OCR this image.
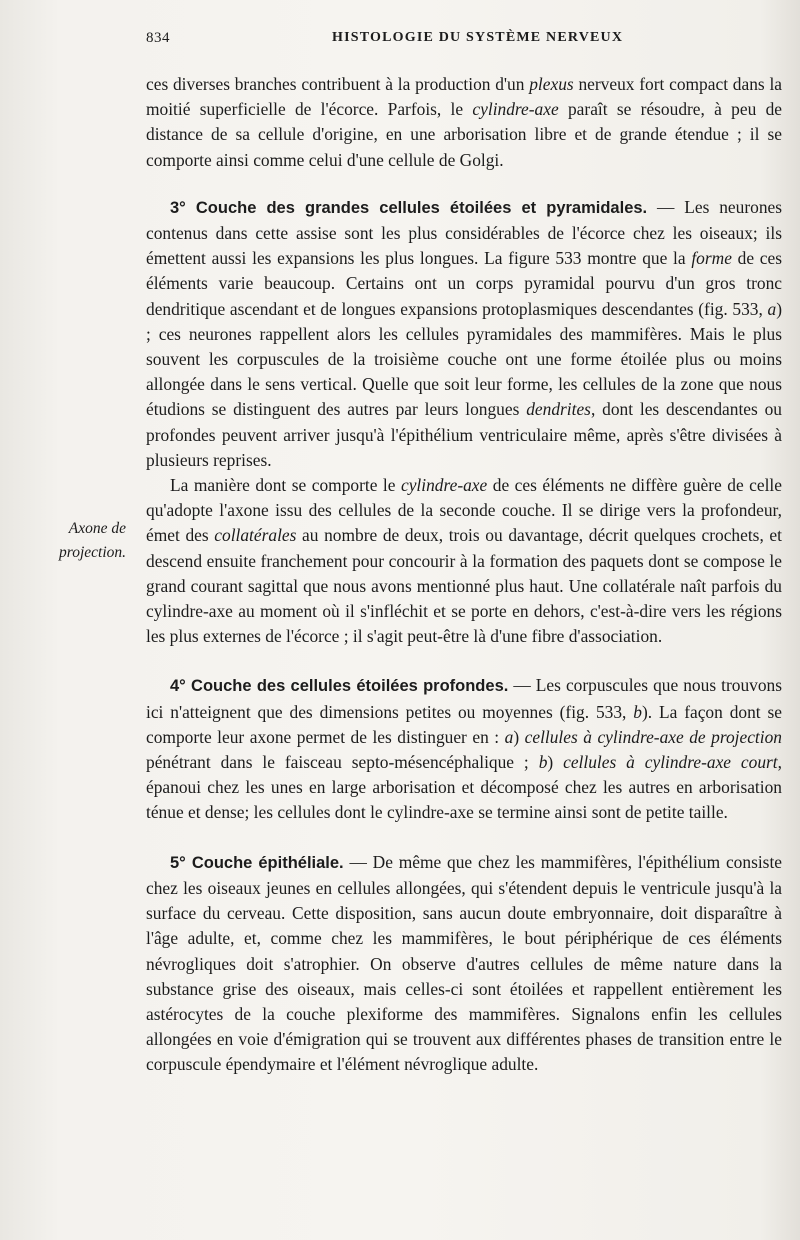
834	HISTOLOGIE DU SYSTÈME NERVEUX
Axone de
projection.

ces diverses branches contribuent à la production d'un plexus nerveux fort compact dans la moitié superficielle de l'écorce. Parfois, le cylindre-axe paraît se résoudre, à peu de distance de sa cellule d'origine, en une arborisation libre et de grande étendue ; il se comporte ainsi comme celui d'une cellule de Golgi.

3° Couche des grandes cellules étoilées et pyramidales. — Les neurones contenus dans cette assise sont les plus considérables de l'écorce chez les oiseaux; ils émettent aussi les expansions les plus longues. La figure 533 montre que la forme de ces éléments varie beaucoup. Certains ont un corps pyramidal pourvu d'un gros tronc dendritique ascendant et de longues expansions protoplasmiques descendantes (fig. 533, a) ; ces neurones rappellent alors les cellules pyramidales des mammifères. Mais le plus souvent les corpuscules de la troisième couche ont une forme étoilée plus ou moins allongée dans le sens vertical. Quelle que soit leur forme, les cellules de la zone que nous étudions se distinguent des autres par leurs longues dendrites, dont les descendantes ou profondes peuvent arriver jusqu'à l'épithélium ventriculaire même, après s'être divisées à plusieurs reprises.

La manière dont se comporte le cylindre-axe de ces éléments ne diffère guère de celle qu'adopte l'axone issu des cellules de la seconde couche. Il se dirige vers la profondeur, émet des collatérales au nombre de deux, trois ou davantage, décrit quelques crochets, et descend ensuite franchement pour concourir à la formation des paquets dont se compose le grand courant sagittal que nous avons mentionné plus haut. Une collatérale naît parfois du cylindre-axe au moment où il s'infléchit et se porte en dehors, c'est-à-dire vers les régions les plus externes de l'écorce ; il s'agit peut-être là d'une fibre d'association.

4° Couche des cellules étoilées profondes. — Les corpuscules que nous trouvons ici n'atteignent que des dimensions petites ou moyennes (fig. 533, b). La façon dont se comporte leur axone permet de les distinguer en : a) cellules à cylindre-axe de projection pénétrant dans le faisceau septo-mésencéphalique ; b) cellules à cylindre-axe court, épanoui chez les unes en large arborisation et décomposé chez les autres en arborisation ténue et dense; les cellules dont le cylindre-axe se termine ainsi sont de petite taille.

5° Couche épithéliale. — De même que chez les mammifères, l'épithélium consiste chez les oiseaux jeunes en cellules allongées, qui s'étendent depuis le ventricule jusqu'à la surface du cerveau. Cette disposition, sans aucun doute embryonnaire, doit disparaître à l'âge adulte, et, comme chez les mammifères, le bout périphérique de ces éléments névrogliques doit s'atrophier. On observe d'autres cellules de même nature dans la substance grise des oiseaux, mais celles-ci sont étoilées et rappellent entièrement les astérocytes de la couche plexiforme des mammifères. Signalons enfin les cellules allongées en voie d'émigration qui se trouvent aux différentes phases de transition entre le corpuscule épendymaire et l'élément névroglique adulte.
